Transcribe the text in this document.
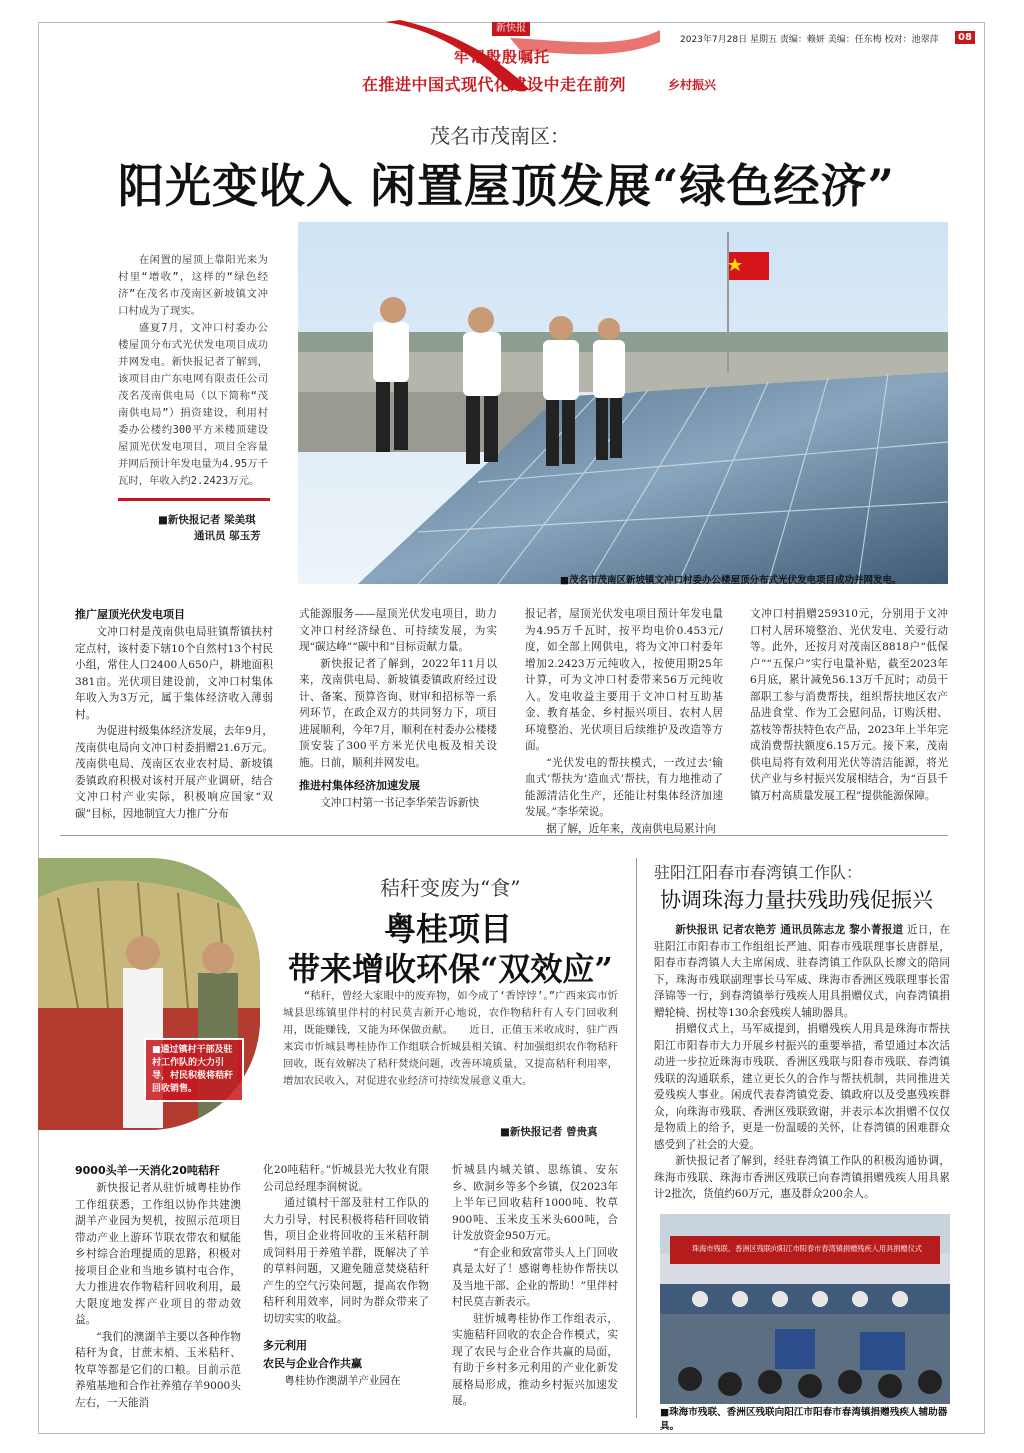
新快报
牢记殷殷嘱托
在推进中国式现代化建设中走在前列	乡村振兴
2023年7月28日 星期五 责编：赖妍 美编：任东梅 校对：池翠萍	08
茂名市茂南区：
阳光变收入 闲置屋顶发展“绿色经济”

在闲置的屋顶上靠阳光来为村里“增收”，这样的“绿色经济”在茂名市茂南区新坡镇文冲口村成为了现实。

盛夏7月，文冲口村委办公楼屋顶分布式光伏发电项目成功并网发电。新快报记者了解到，该项目由广东电网有限责任公司茂名茂南供电局（以下简称“茂南供电局”）捐资建设，利用村委办公楼约300平方米楼顶建设屋顶光伏发电项目，项目全容量并网后预计年发电量为4.95万千瓦时，年收入约2.2423万元。

■新快报记者 梁美琪
通讯员 邬玉芳
■茂名市茂南区新坡镇文冲口村委办公楼屋顶分布式光伏发电项目成功并网发电。
推广屋顶光伏发电项目

文冲口村是茂南供电局驻镇帮镇扶村定点村，该村委下辖10个自然村13个村民小组，常住人口2400人650户，耕地面积381亩。光伏项目建设前，文冲口村集体年收入为3万元，属于集体经济收入薄弱村。

为促进村级集体经济发展，去年9月，茂南供电局向文冲口村委捐赠21.6万元。茂南供电局、茂南区农业农村局、新坡镇委镇政府积极对该村开展产业调研，结合文冲口村产业实际，积极响应国家“双碳”目标，因地制宜大力推广分布

式能源服务——屋顶光伏发电项目，助力文冲口村经济绿色、可持续发展，为实现“碳达峰”“碳中和”目标贡献力量。

新快报记者了解到，2022年11月以来，茂南供电局、新坡镇委镇政府经过设计、备案、预算咨询、财审和招标等一系列环节，在政企双方的共同努力下，项目进展顺利，今年7月，顺利在村委办公楼楼顶安装了300平方米光伏电板及相关设施。日前，顺利并网发电。

推进村集体经济加速发展

文冲口村第一书记李华荣告诉新快

报记者，屋顶光伏发电项目预计年发电量为4.95万千瓦时，按平均电价0.453元/度，如全部上网供电，将为文冲口村委年增加2.2423万元纯收入，按使用期25年计算，可为文冲口村委带来56万元纯收入。发电收益主要用于文冲口村互助基金、教育基金、乡村振兴项目、农村人居环境整治、光伏项目后续维护及改造等方面。

“光伏发电的帮扶模式，一改过去‘输血式’帮扶为‘造血式’帮扶，有力地推动了能源清洁化生产，还能让村集体经济加速发展。”李华荣说。

据了解，近年来，茂南供电局累计向

文冲口村捐赠259310元，分别用于文冲口村人居环境整治、光伏发电、关爱行动等。此外，还按月对茂南区8818户“低保户”“五保户”实行电量补贴，截至2023年6月底，累计减免56.13万千瓦时；动员干部职工参与消费帮扶，组织帮扶地区农产品进食堂、作为工会慰问品，订购沃柑、荔枝等帮扶特色农产品，2023年上半年完成消费帮扶额度6.15万元。接下来，茂南供电局将有效利用光伏等清洁能源，将光伏产业与乡村振兴发展相结合，为“百县千镇万村高质量发展工程”提供能源保障。

■通过镇村干部及驻村工作队的大力引导，村民积极将秸秆回收销售。
秸秆变废为“食”
粤桂项目
带来增收环保“双效应”
“秸秆，曾经大家眼中的废弃物，如今成了‘香饽饽’。”广西来宾市忻城县思练镇里伴村的村民莫吉新开心地说，农作物秸秆有人专门回收利用，既能赚钱，又能为环保做贡献。　　近日，正值玉米收成时，驻广西来宾市忻城县粤桂协作工作组联合忻城县相关镇、村加强组织农作物秸秆回收，既有效解决了秸秆焚烧问题，改善环境质量，又提高秸秆利用率，增加农民收入，对促进农业经济可持续发展意义重大。
■新快报记者 曾贵真
9000头羊一天消化20吨秸秆

新快报记者从驻忻城粤桂协作工作组获悉，工作组以协作共建澳湖羊产业园为契机，按照示范项目带动产业上游环节联农带农和赋能乡村综合治理提质的思路，积极对接项目企业和当地乡镇村屯合作，大力推进农作物秸秆回收利用，最大限度地发挥产业项目的带动效益。

“我们的澳湖羊主要以各种作物秸秆为食，甘蔗末梢、玉米秸秆、牧草等都是它们的口粮。目前示范养殖基地和合作社养殖存羊9000头左右，一天能消

化20吨秸秆。”忻城县光大牧业有限公司总经理李润树说。

通过镇村干部及驻村工作队的大力引导，村民积极将秸秆回收销售，项目企业将回收的玉米秸秆制成饲料用于养殖羊群，既解决了羊的草料问题，又避免随意焚烧秸秆产生的空气污染问题，提高农作物秸秆利用效率，同时为群众带来了切切实实的收益。

多元利用
农民与企业合作共赢

粤桂协作澳湖羊产业园在

忻城县内城关镇、思练镇、安东乡、欧洞乡等多个乡镇，仅2023年上半年已回收秸秆1000吨、牧草900吨、玉米皮玉米头600吨，合计发放资金950万元。

“有企业和致富带头人上门回收真是太好了！感谢粤桂协作帮扶以及当地干部、企业的帮助！”里伴村村民莫吉新表示。

驻忻城粤桂协作工作组表示，实施秸秆回收的农企合作模式，实现了农民与企业合作共赢的局面，有助于乡村多元利用的产业化新发展格局形成，推动乡村振兴加速发展。

驻阳江阳春市春湾镇工作队：
协调珠海力量扶残助残促振兴

新快报讯 记者农艳芳 通讯员陈志龙 黎小菁报道 近日，在驻阳江市阳春市工作组组长严迪、阳春市残联理事长唐群星，阳春市春湾镇人大主席闲成、驻春湾镇工作队队长廖文的陪同下，珠海市残联副理事长马军威、珠海市香洲区残联理事长雷泽锦等一行，到春湾镇举行残疾人用具捐赠仪式，向春湾镇捐赠轮椅、拐杖等130余套残疾人辅助器具。

捐赠仪式上，马军威提到，捐赠残疾人用具是珠海市帮扶阳江市阳春市大力开展乡村振兴的重要举措，希望通过本次活动进一步拉近珠海市残联、香洲区残联与阳春市残联、春湾镇残联的沟通联系，建立更长久的合作与帮扶机制，共同推进关爱残疾人事业。闲成代表春湾镇党委、镇政府以及受惠残疾群众，向珠海市残联、香洲区残联致谢，并表示本次捐赠不仅仅是物质上的给予，更是一份温暖的关怀，让春湾镇的困难群众感受到了社会的大爱。

新快报记者了解到，经驻春湾镇工作队的积极沟通协调，珠海市残联、珠海市香洲区残联已向春湾镇捐赠残疾人用具累计2批次，货值约60万元，惠及群众200余人。

珠海市残联、香洲区残联向阳江市阳春市春湾镇捐赠残疾人用具捐赠仪式
■珠海市残联、香洲区残联向阳江市阳春市春湾镇捐赠残疾人辅助器具。
